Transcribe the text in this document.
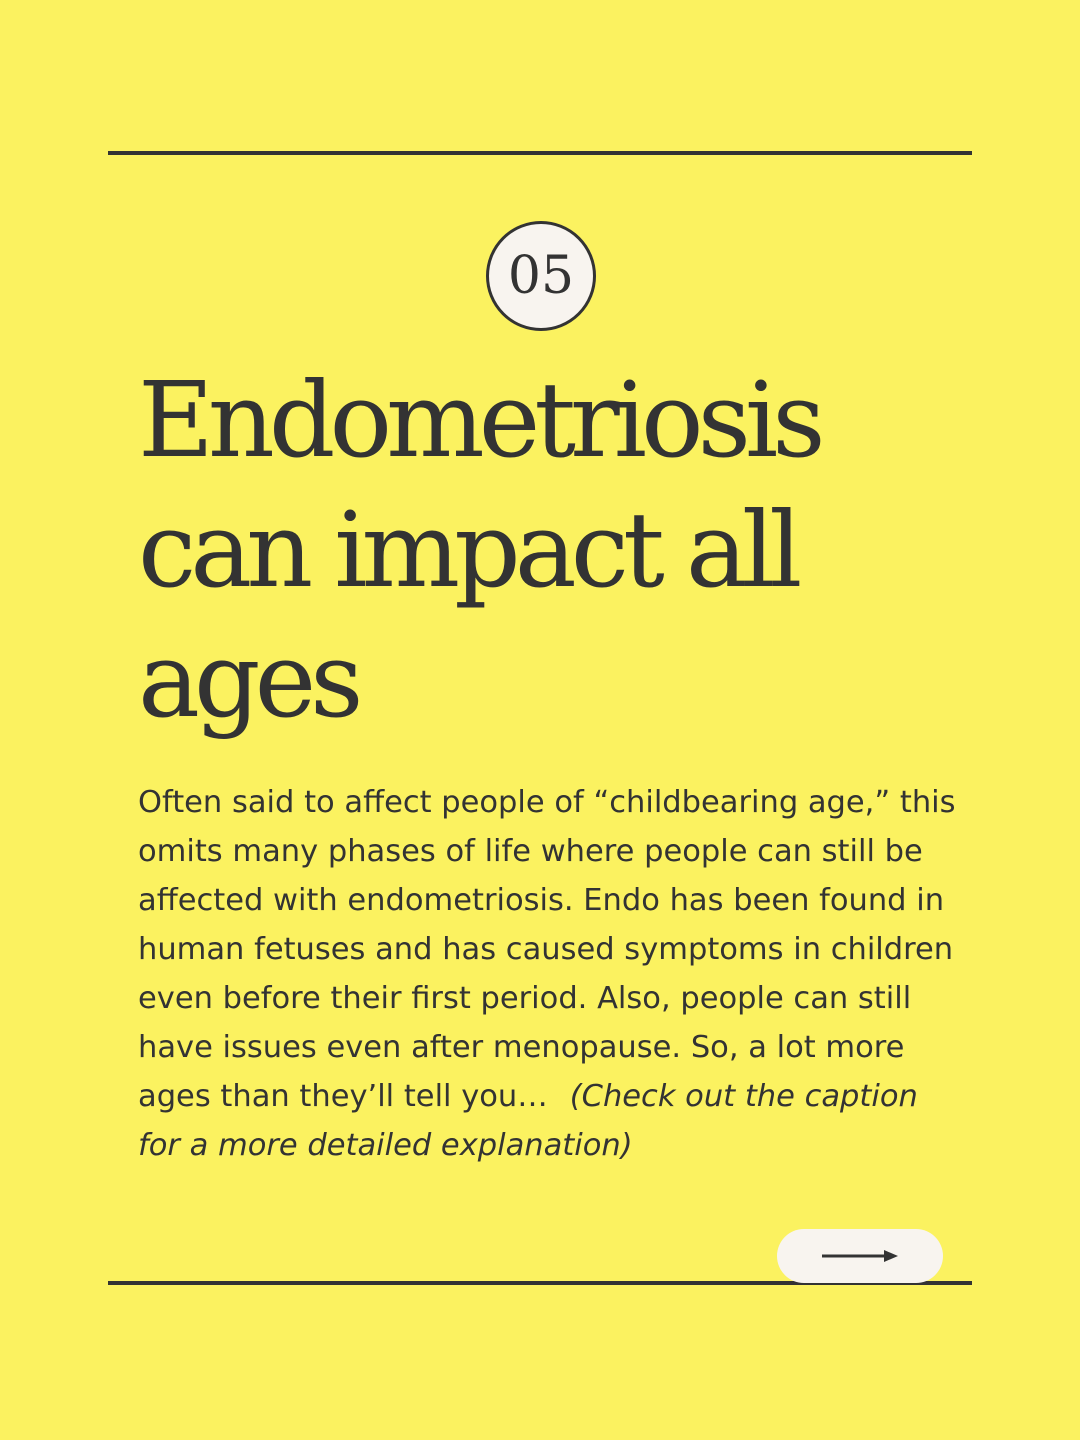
05
Endometriosis
can impact all
ages

Often said to affect people of “childbearing age,” this omits many phases of life where people can still be affected with endometriosis. Endo has been found in human fetuses and has caused symptoms in children even before their first period. Also, people can still have issues even after menopause. So, a lot more ages than they’ll tell you… (Check out the caption for a more detailed explanation)
